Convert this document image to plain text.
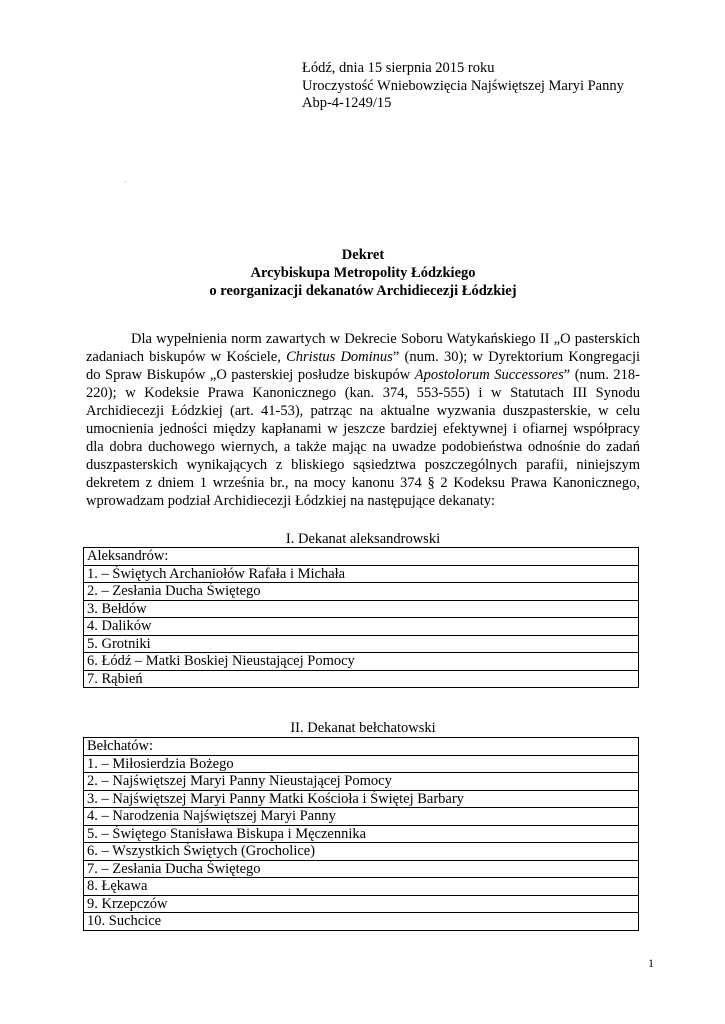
Łódź, dnia 15 sierpnia 2015 roku
Uroczystość Wniebowzięcia Najświętszej Maryi Panny
Abp-4-1249/15
·
Dekret
Arcybiskupa Metropolity Łódzkiego
o reorganizacji dekanatów Archidiecezji Łódzkiej

Dla wypełnienia norm zawartych w Dekrecie Soboru Watykańskiego II „O pasterskich zadaniach biskupów w Kościele, Christus Dominus” (num. 30); w Dyrektorium Kongregacji do Spraw Biskupów „O pasterskiej posłudze biskupów Apostolorum Successores” (num. 218-220); w Kodeksie Prawa Kanonicznego (kan. 374, 553-555) i w Statutach III Synodu Archidiecezji Łódzkiej (art. 41-53), patrząc na aktualne wyzwania duszpasterskie, w celu umocnienia jedności między kapłanami w jeszcze bardziej efektywnej i ofiarnej współpracy dla dobra duchowego wiernych, a także mając na uwadze podobieństwa odnośnie do zadań duszpasterskich wynikających z bliskiego sąsiedztwa poszczególnych parafii, niniejszym dekretem z dniem 1 września br., na mocy kanonu 374 § 2 Kodeksu Prawa Kanonicznego, wprowadzam podział Archidiecezji Łódzkiej na następujące dekanaty:

I. Dekanat aleksandrowski
Aleksandrów:
1. – Świętych Archaniołów Rafała i Michała
2. – Zesłania Ducha Świętego
3. Bełdów
4. Dalików
5. Grotniki
6. Łódź – Matki Boskiej Nieustającej Pomocy
7. Rąbień
II. Dekanat bełchatowski
Bełchatów:
1. – Miłosierdzia Bożego
2. – Najświętszej Maryi Panny Nieustającej Pomocy
3. – Najświętszej Maryi Panny Matki Kościoła i Świętej Barbary
4. – Narodzenia Najświętszej Maryi Panny
5. – Świętego Stanisława Biskupa i Męczennika
6. – Wszystkich Świętych (Grocholice)
7. – Zesłania Ducha Świętego
8. Łękawa
9. Krzepczów
10. Suchcice
1
